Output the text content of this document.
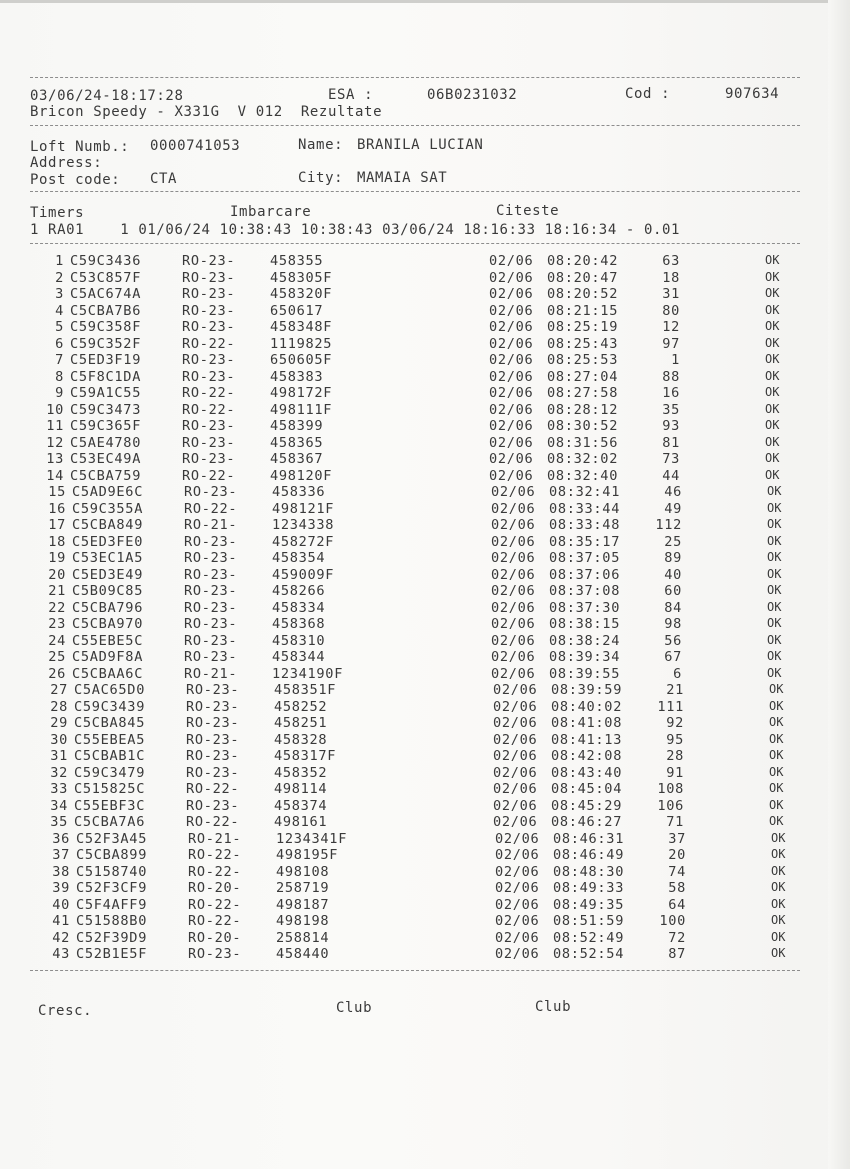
03/06/24-18:17:28	ESA :	06B0231032	Cod :	907634
Bricon Speedy - X331G  V 012  Rezultate
Loft Numb.: 0000741053	Name: BRANILA LUCIAN
Address:
Post code: CTA	City: MAMAIA SAT
Timers	Imbarcare	Citeste
1 RA01    1 01/06/24 10:38:43 10:38:43 03/06/24 18:16:33 18:16:34 - 0.01
1 C59C3436	RO-23-	458355	02/06 08:20:42	63	OK
2 C53C857F	RO-23-	458305F	02/06 08:20:47	18	OK
3 C5AC674A	RO-23-	458320F	02/06 08:20:52	31	OK
4 C5CBA7B6	RO-23-	650617	02/06 08:21:15	80	OK
5 C59C358F	RO-23-	458348F	02/06 08:25:19	12	OK
6 C59C352F	RO-22-	1119825	02/06 08:25:43	97	OK
7 C5ED3F19	RO-23-	650605F	02/06 08:25:53	1	OK
8 C5F8C1DA	RO-23-	458383	02/06 08:27:04	88	OK
9 C59A1C55	RO-22-	498172F	02/06 08:27:58	16	OK
10 C59C3473	RO-22-	498111F	02/06 08:28:12	35	OK
11 C59C365F	RO-23-	458399	02/06 08:30:52	93	OK
12 C5AE4780	RO-23-	458365	02/06 08:31:56	81	OK
13 C53EC49A	RO-23-	458367	02/06 08:32:02	73	OK
14 C5CBA759	RO-22-	498120F	02/06 08:32:40	44	OK
15 C5AD9E6C	RO-23-	458336	02/06 08:32:41	46	OK
16 C59C355A	RO-22-	498121F	02/06 08:33:44	49	OK
17 C5CBA849	RO-21-	1234338	02/06 08:33:48	112	OK
18 C5ED3FE0	RO-23-	458272F	02/06 08:35:17	25	OK
19 C53EC1A5	RO-23-	458354	02/06 08:37:05	89	OK
20 C5ED3E49	RO-23-	459009F	02/06 08:37:06	40	OK
21 C5B09C85	RO-23-	458266	02/06 08:37:08	60	OK
22 C5CBA796	RO-23-	458334	02/06 08:37:30	84	OK
23 C5CBA970	RO-23-	458368	02/06 08:38:15	98	OK
24 C55EBE5C	RO-23-	458310	02/06 08:38:24	56	OK
25 C5AD9F8A	RO-23-	458344	02/06 08:39:34	67	OK
26 C5CBAA6C	RO-21-	1234190F	02/06 08:39:55	6	OK
27 C5AC65D0	RO-23-	458351F	02/06 08:39:59	21	OK
28 C59C3439	RO-23-	458252	02/06 08:40:02	111	OK
29 C5CBA845	RO-23-	458251	02/06 08:41:08	92	OK
30 C55EBEA5	RO-23-	458328	02/06 08:41:13	95	OK
31 C5CBAB1C	RO-23-	458317F	02/06 08:42:08	28	OK
32 C59C3479	RO-23-	458352	02/06 08:43:40	91	OK
33 C515825C	RO-22-	498114	02/06 08:45:04	108	OK
34 C55EBF3C	RO-23-	458374	02/06 08:45:29	106	OK
35 C5CBA7A6	RO-22-	498161	02/06 08:46:27	71	OK
36 C52F3A45	RO-21-	1234341F	02/06 08:46:31	37	OK
37 C5CBA899	RO-22-	498195F	02/06 08:46:49	20	OK
38 C5158740	RO-22-	498108	02/06 08:48:30	74	OK
39 C52F3CF9	RO-20-	258719	02/06 08:49:33	58	OK
40 C5F4AFF9	RO-22-	498187	02/06 08:49:35	64	OK
41 C51588B0	RO-22-	498198	02/06 08:51:59	100	OK
42 C52F39D9	RO-20-	258814	02/06 08:52:49	72	OK
43 C52B1E5F	RO-23-	458440	02/06 08:52:54	87	OK
Cresc.	Club	Club
